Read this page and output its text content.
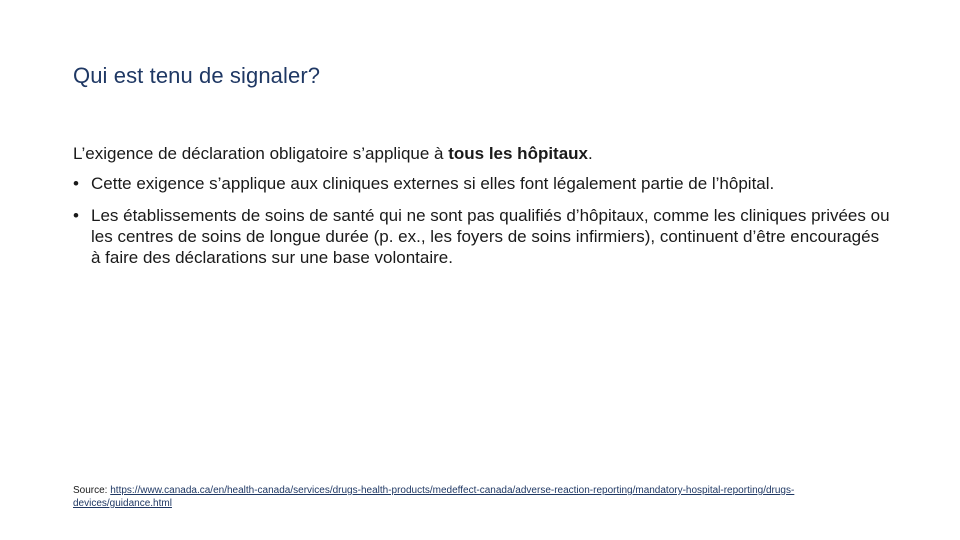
Qui est tenu de signaler?

L’exigence de déclaration obligatoire s’applique à tous les hôpitaux.

• Cette exigence s’applique aux cliniques externes si elles font légalement partie de l’hôpital.
• Les établissements de soins de santé qui ne sont pas qualifiés d’hôpitaux, comme les cliniques privées ou les centres de soins de longue durée (p. ex., les foyers de soins infirmiers), continuent d’être encouragés à faire des déclarations sur une base volontaire.
Source: https://www.canada.ca/en/health-canada/services/drugs-health-products/medeffect-canada/adverse-reaction-reporting/mandatory-hospital-reporting/drugs-devices/guidance.html
